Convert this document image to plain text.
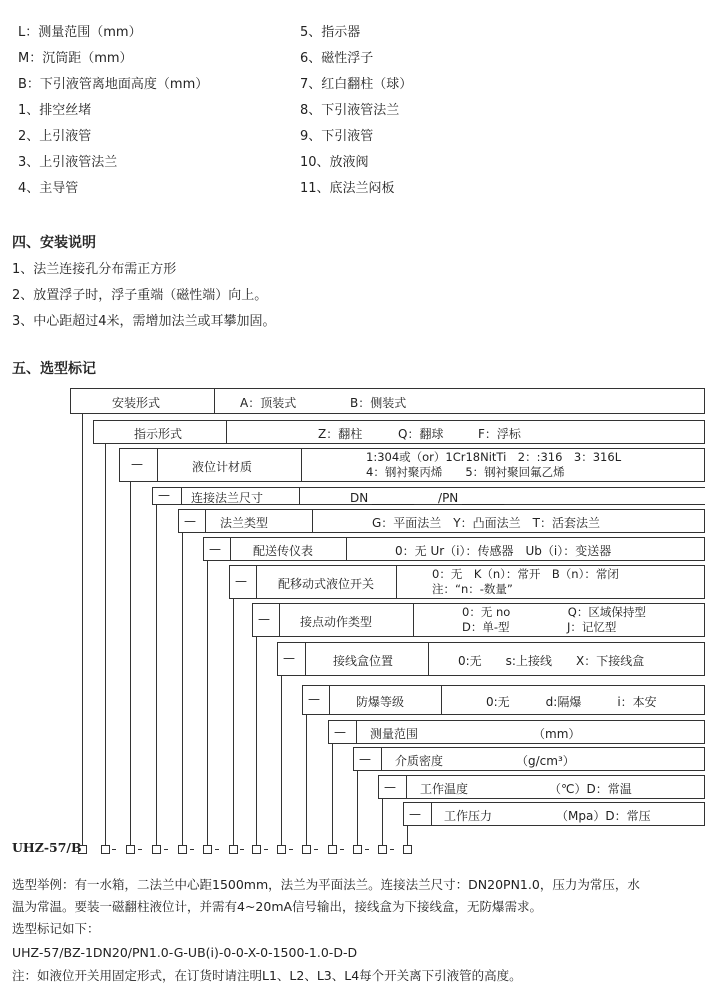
L：测量范围（mm）
M：沉筒距（mm）
B：下引液管离地面高度（mm）
1、排空丝堵
2、上引液管
3、上引液管法兰
4、主导管
5、指示器
6、磁性浮子
7、红白翻柱（球）
8、下引液管法兰
9、下引液管
10、放液阀
11、底法兰闷板
四、安装说明
1、法兰连接孔分布需正方形
2、放置浮子时，浮子重端（磁性端）向上。
3、中心距超过4米，需增加法兰或耳攀加固。
五、选型标记
安装形式	A：顶装式	B：侧装式
指示形式	Z：翻柱	Q：翻球	F：浮标
—	液位计材质
1:304或（or）1Cr18NitTi　2：:316　3：316L
4：钢衬聚丙烯　　5：钢衬聚回氟乙烯
— 连接法兰尺寸	DN _______　　/PN _______
— 法兰类型	G：平面法兰　Y：凸面法兰　T：活套法兰
—	配送传仪表	0：无 Ur（i）：传感器　Ub（i）：变送器
—	配移动式液位开关
0：无　K（n）：常开　B（n）：常闭
注：“n：-数量”
—	接点动作类型
0：无 no　　　　　Q：区域保持型
D：单-型　　　　　J：记忆型
—	接线盒位置	0:无　　s:上接线　　X：下接线盒
—	防爆等级	0:无　　　d:隔爆　　　i：本安
— 测量范围	（mm）
— 介质密度	（g/cm³）
— 工作温度	（℃）D：常温
— 工作压力	（Mpa）D：常压
UHZ-57/B
选型举例：有一水箱，二法兰中心距1500mm，法兰为平面法兰。连接法兰尺寸：DN20PN1.0，压力为常压，水
温为常温。要装一磁翻柱液位计，并需有4~20mA信号输出，接线盒为下接线盒，无防爆需求。
选型标记如下：
UHZ-57/BZ-1DN20/PN1.0-G-UB(i)-0-0-X-0-1500-1.0-D-D
注：如液位开关用固定形式，在订货时请注明L1、L2、L3、L4每个开关离下引液管的高度。
